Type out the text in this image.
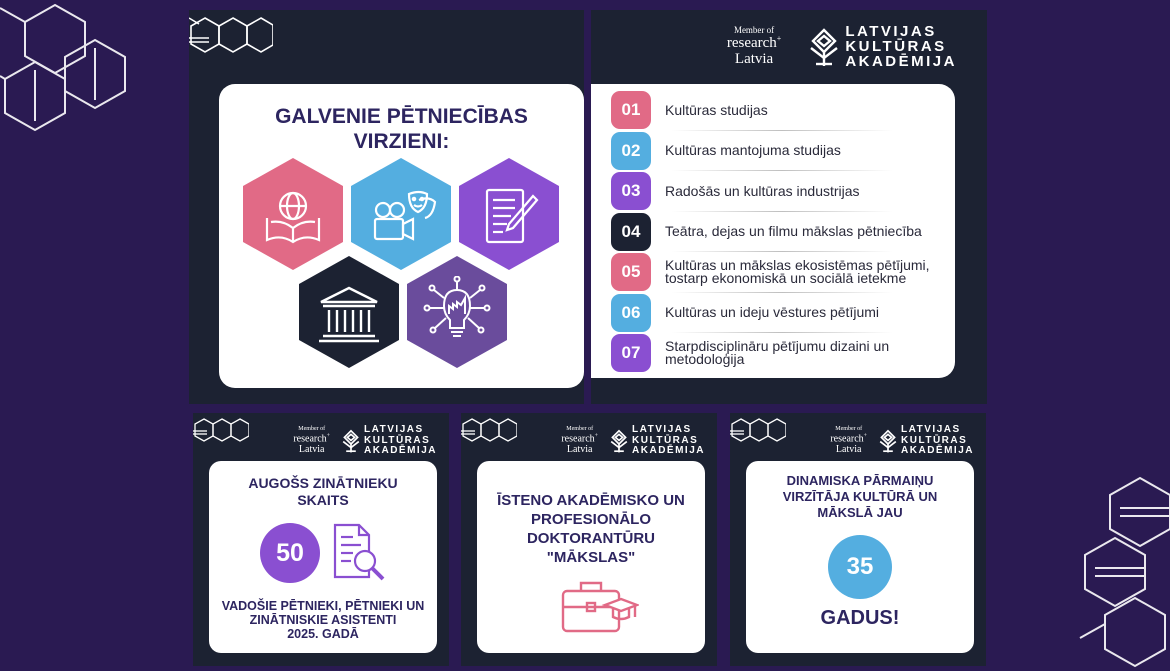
GALVENIE PĒTNIECĪBAS
VIRZIENI:
Member of
research+
Latvia
LATVIJAS
KULTŪRAS
AKADĒMIJA
01	Kultūras studijas
02	Kultūras mantojuma studijas
03	Radošās un kultūras industrijas
04	Teātra, dejas un filmu mākslas pētniecība
05	Kultūras un mākslas ekosistēmas pētījumi, tostarp ekonomiskā un sociālā ietekme
06	Kultūras un ideju vēstures pētījumi
07	Starpdisciplināru pētījumu dizaini un metodoloģija
Member of
research+
Latvia
LATVIJAS
KULTŪRAS
AKADĒMIJA
AUGOŠS ZINĀTNIEKU
SKAITS
50
VADOŠIE PĒTNIEKI, PĒTNIEKI UN
ZINĀTNISKIE ASISTENTI
2025. GADĀ
Member of
research+
Latvia
LATVIJAS
KULTŪRAS
AKADĒMIJA
ĪSTENO AKADĒMISKO UN
PROFESIONĀLO
DOKTORANTŪRU
"MĀKSLAS"
Member of
research+
Latvia
LATVIJAS
KULTŪRAS
AKADĒMIJA
DINAMISKA PĀRMAIŅU
VIRZĪTĀJA KULTŪRĀ UN
MĀKSLĀ JAU
35
GADUS!
